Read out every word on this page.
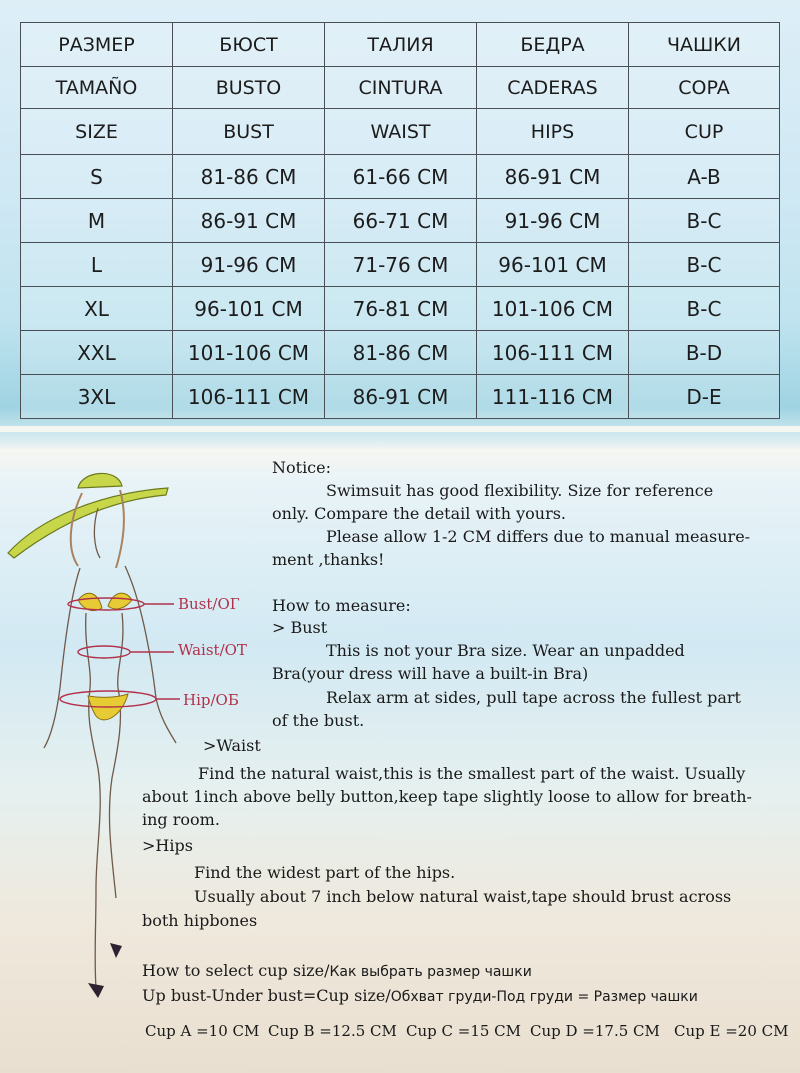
РАЗМЕР	БЮСТ	ТАЛИЯ	БЕДРА	ЧАШКИ
TAMAÑO	BUSTO	CINTURA	CADERAS	COPA
SIZE	BUST	WAIST	HIPS	CUP
S	81-86 CM	61-66 CM	86-91 CM	A-B
M	86-91 CM	66-71 CM	91-96 CM	B-C
L	91-96 CM	71-76 CM	96-101 CM	B-C
XL	96-101 CM	76-81 CM	101-106 CM	B-C
XXL	101-106 CM	81-86 CM	106-111 CM	B-D
3XL	106-111 CM	86-91 CM	111-116 CM	D-E
Bust/ОГ
Waist/OT
Hip/ОБ

Notice:

Swimsuit has good flexibility. Size for reference

only. Compare the detail with yours.

Please allow 1-2 CM differs due to manual measure-

ment ,thanks!

How to measure:

> Bust

This is not your Bra size. Wear an unpadded

Bra(your dress will have a built-in Bra)

Relax arm at sides, pull tape across the fullest part

of the bust.

>Waist

Find the natural waist,this is the smallest part of the waist. Usually

about 1inch above belly button,keep tape slightly loose to allow for breath-

ing room.

>Hips

Find the widest part of the hips.

Usually about 7 inch below natural waist,tape should brust across

both hipbones

How to select cup size/Как выбрать размер чашки

Up bust-Under bust=Cup size/Обхват груди-Под груди = Размер чашки

Cup A =10 CM Cup B =12.5 CM Cup C =15 CM Cup D =17.5 CM Cup E =20 CM
